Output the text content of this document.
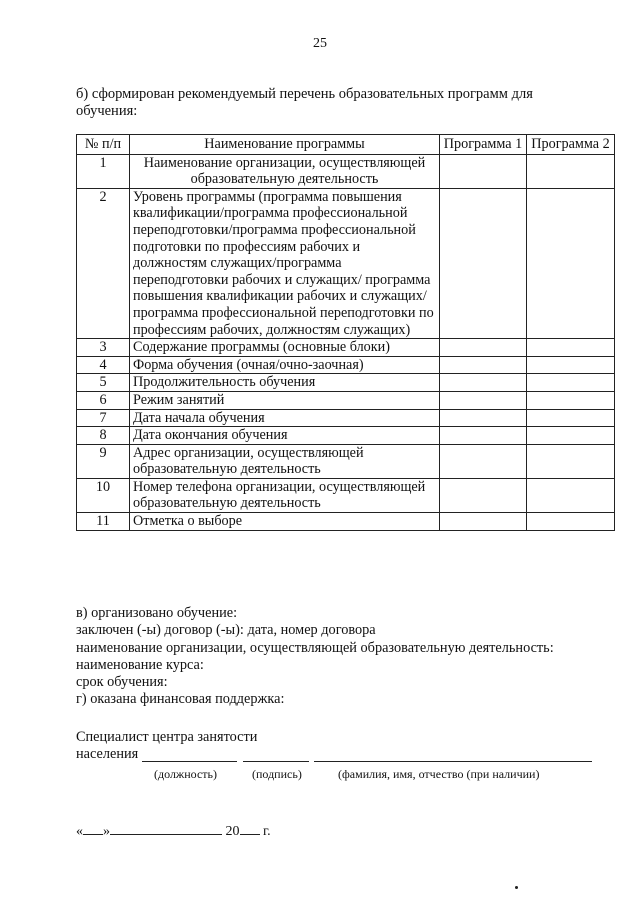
25
б) сформирован рекомендуемый перечень образовательных программ для обучения:
№ п/п	Наименование программы	Программа 1	Программа 2
1	Наименование организации, осуществляющей образовательную деятельность		
2	Уровень программы (программа повышения квалификации/программа профессиональной переподготовки/программа профессиональной подготовки по профессиям рабочих и должностям служащих/программа переподготовки рабочих и служащих/ программа повышения квалификации рабочих и служащих/программа профессиональной переподготовки по профессиям рабочих, должностям служащих)		
3	Содержание программы (основные блоки)		
4	Форма обучения (очная/очно-заочная)		
5	Продолжительность обучения		
6	Режим занятий		
7	Дата начала обучения		
8	Дата окончания обучения		
9	Адрес организации, осуществляющей образовательную деятельность		
10	Номер телефона организации, осуществляющей образовательную деятельность		
11	Отметка о выборе		
в) организовано обучение:
заключен (-ы) договор (-ы): дата, номер договора
наименование организации, осуществляющей образовательную деятельность:
наименование курса:
срок обучения:
г) оказана финансовая поддержка:
Специалист центра занятости
населения
(должность)	(подпись)	(фамилия, имя, отчество (при наличии)
« »	20 г.
